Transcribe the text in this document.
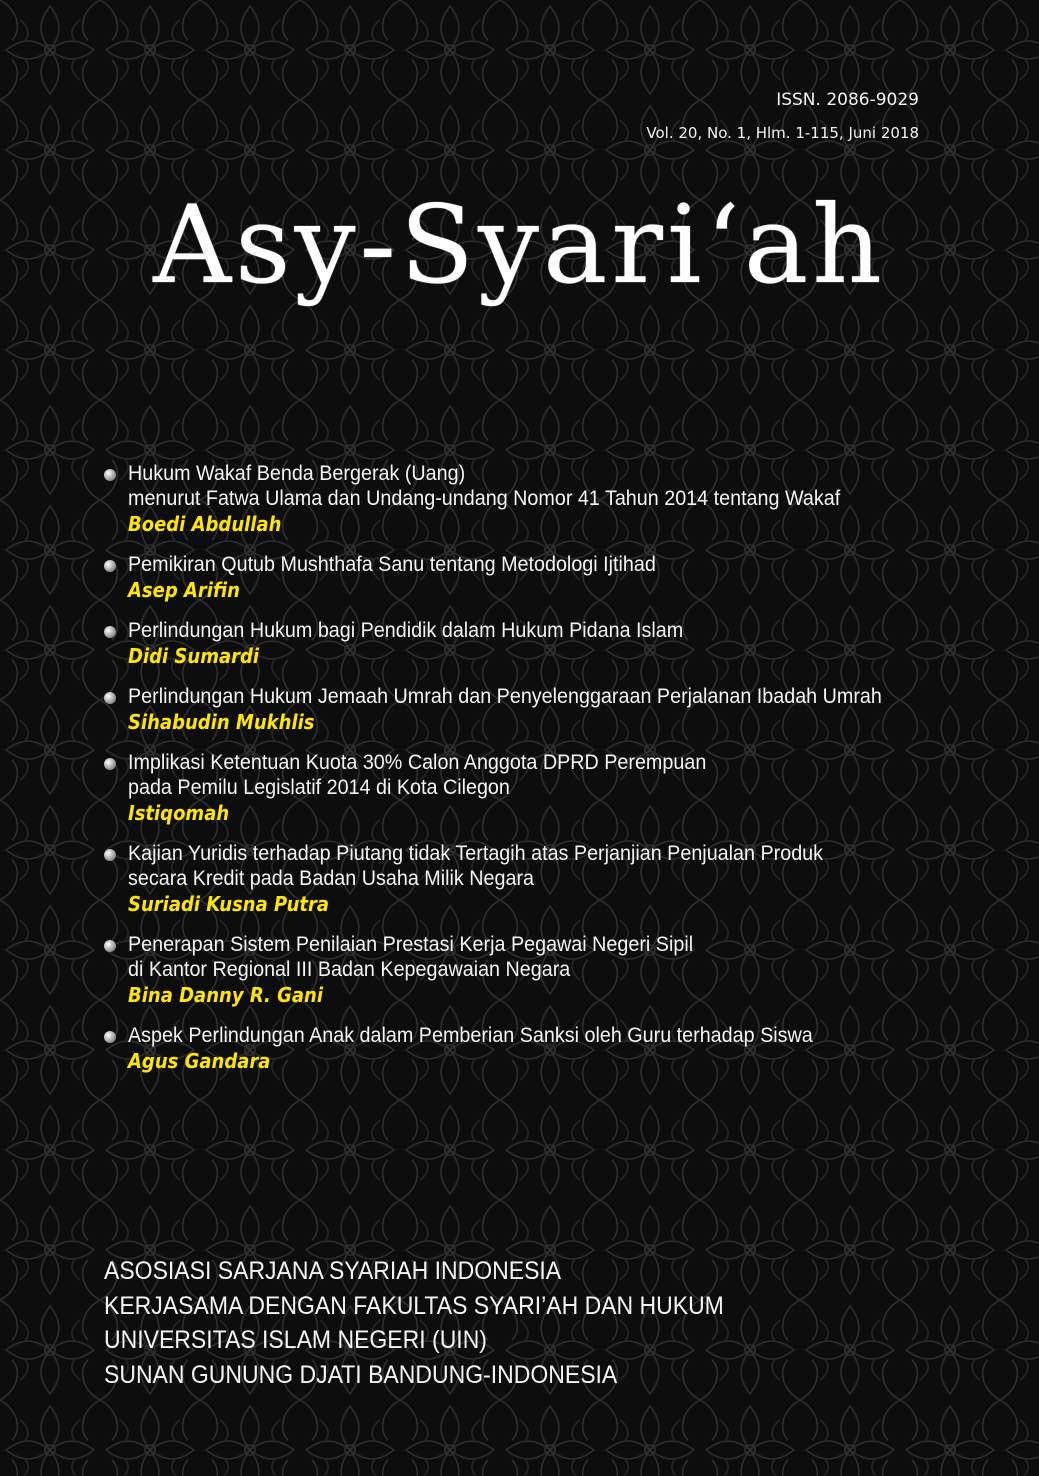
ISSN. 2086-9029
Vol. 20, No. 1, Hlm. 1-115, Juni 2018
Asy-Syari‘ah
Hukum Wakaf Benda Bergerak (Uang)
menurut Fatwa Ulama dan Undang-undang Nomor 41 Tahun 2014 tentang Wakaf
Boedi Abdullah
Pemikiran Qutub Mushthafa Sanu tentang Metodologi Ijtihad
Asep Arifin
Perlindungan Hukum bagi Pendidik dalam Hukum Pidana Islam
Didi Sumardi
Perlindungan Hukum Jemaah Umrah dan Penyelenggaraan Perjalanan Ibadah Umrah
Sihabudin Mukhlis
Implikasi Ketentuan Kuota 30% Calon Anggota DPRD Perempuan
pada Pemilu Legislatif 2014 di Kota Cilegon
Istiqomah
Kajian Yuridis terhadap Piutang tidak Tertagih atas Perjanjian Penjualan Produk
secara Kredit pada Badan Usaha Milik Negara
Suriadi Kusna Putra
Penerapan Sistem Penilaian Prestasi Kerja Pegawai Negeri Sipil
di Kantor Regional III Badan Kepegawaian Negara
Bina Danny R. Gani
Aspek Perlindungan Anak dalam Pemberian Sanksi oleh Guru terhadap Siswa
Agus Gandara
ASOSIASI SARJANA SYARIAH INDONESIA
KERJASAMA DENGAN FAKULTAS SYARI’AH DAN HUKUM
UNIVERSITAS ISLAM NEGERI (UIN)
SUNAN GUNUNG DJATI BANDUNG-INDONESIA
